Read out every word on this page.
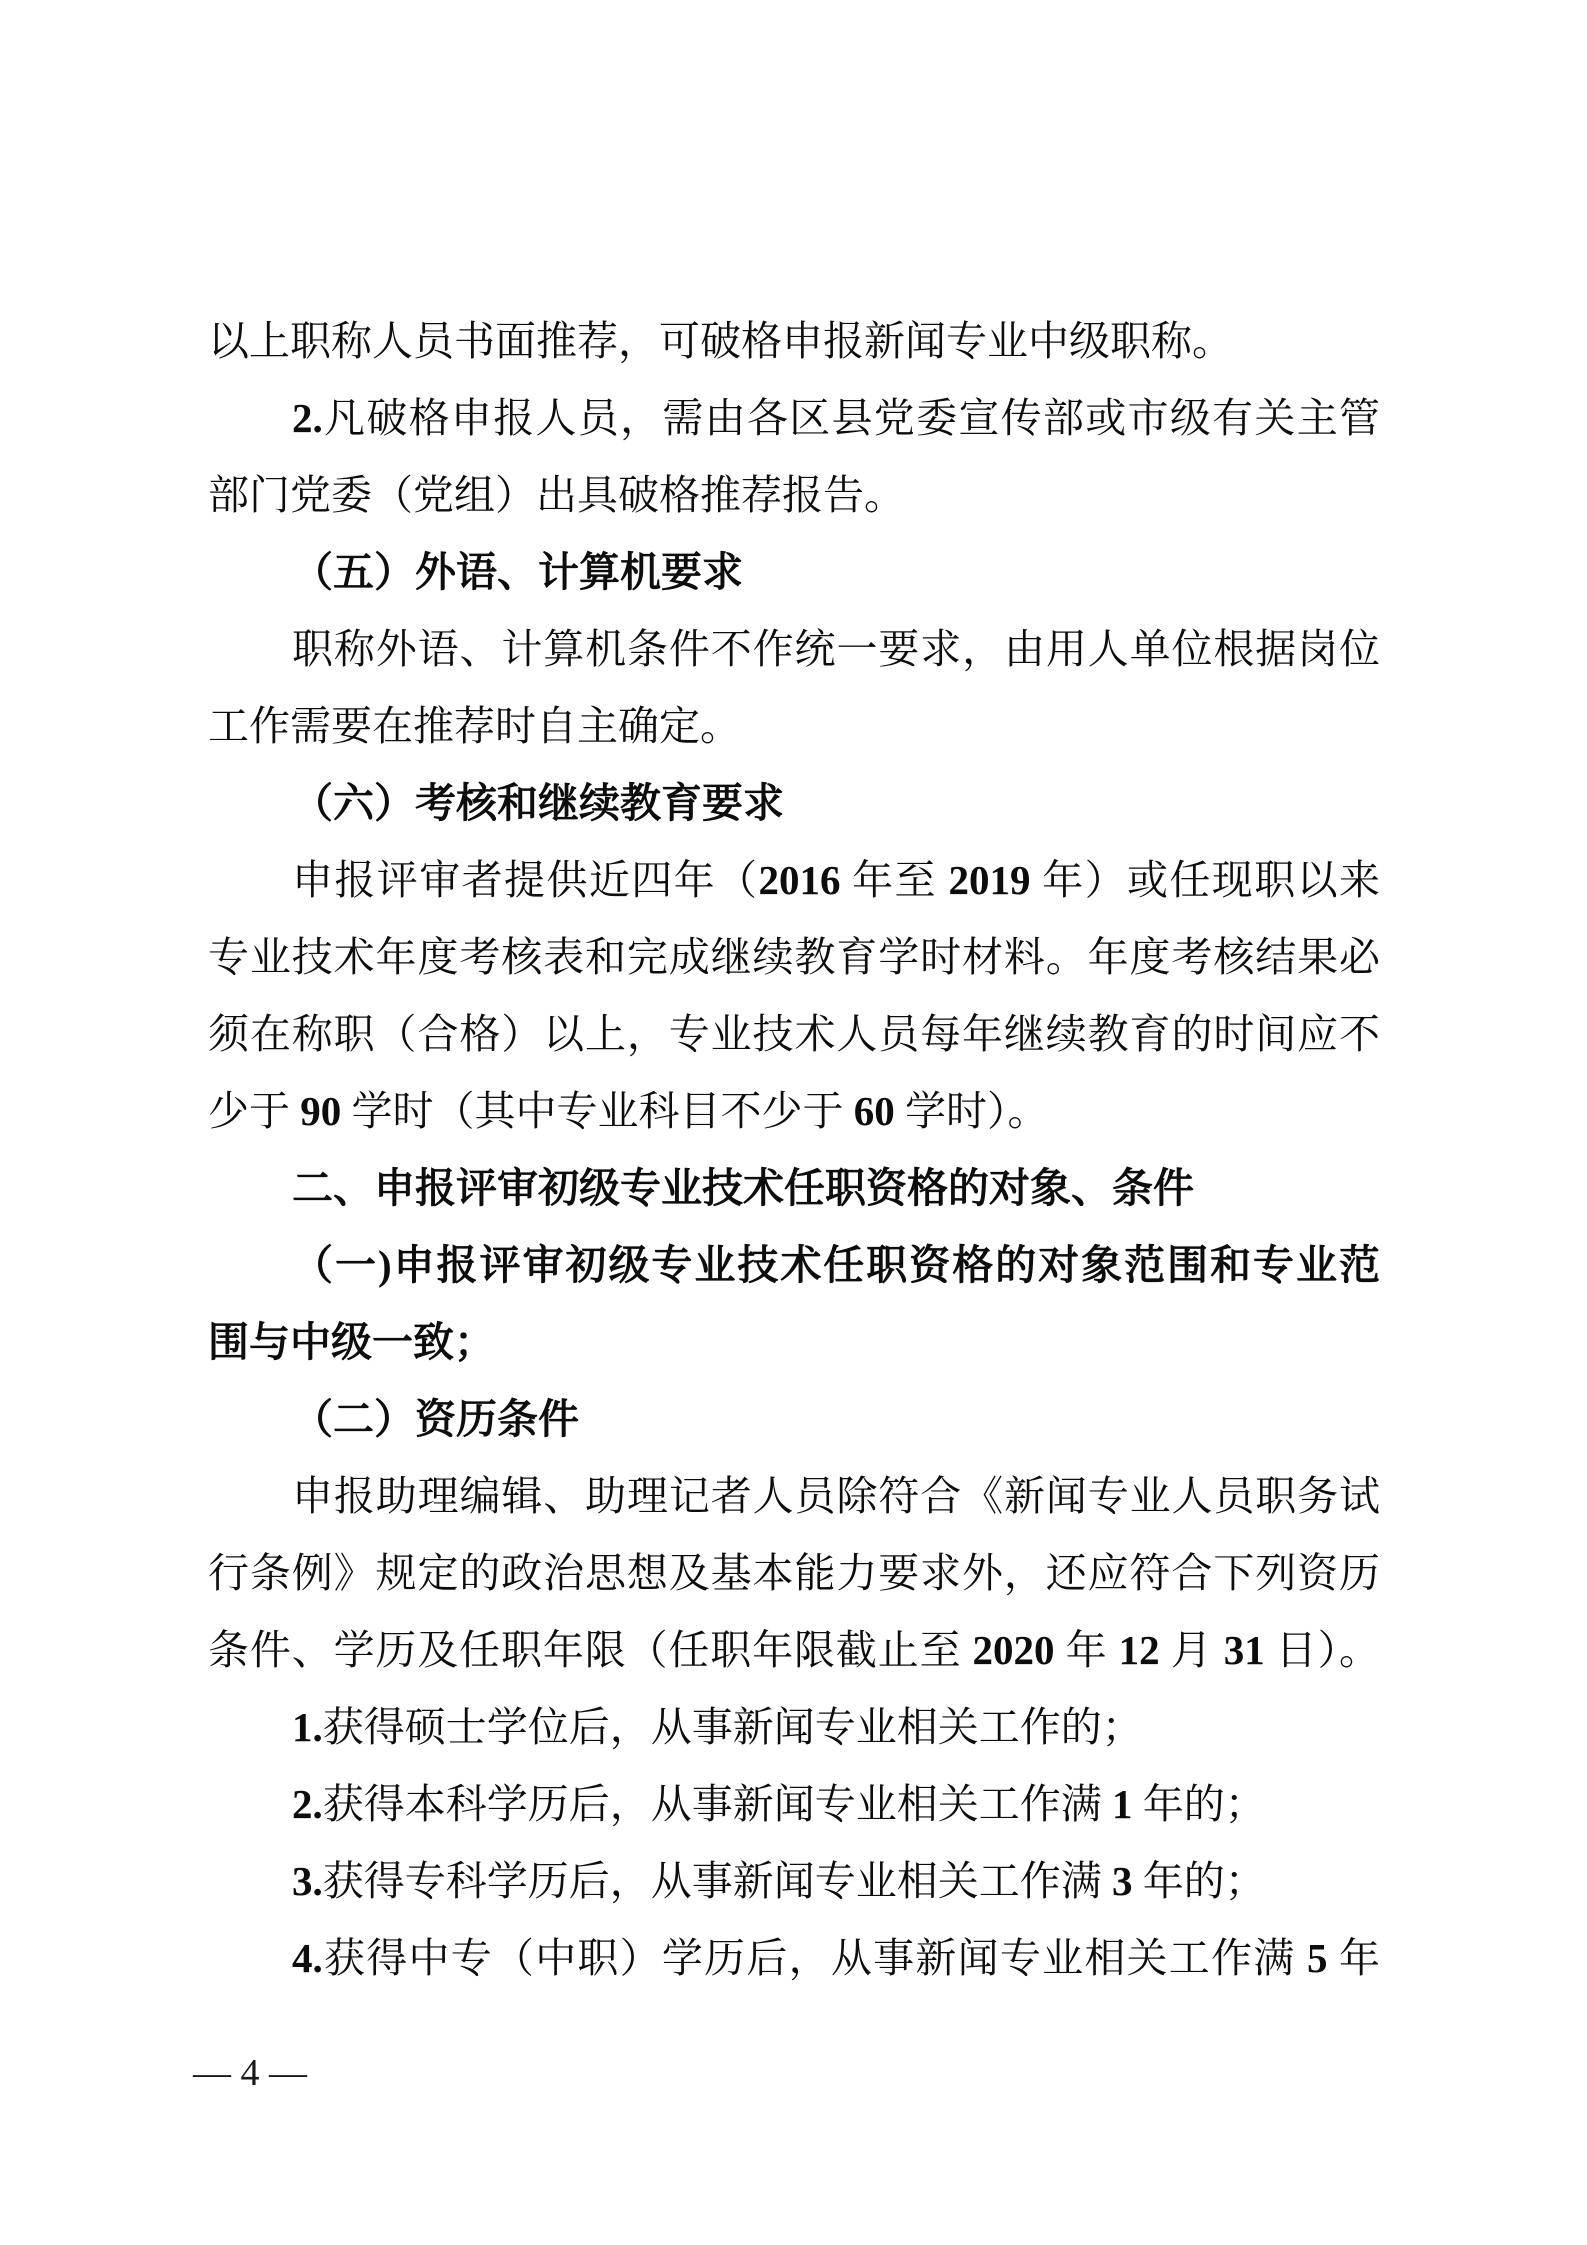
以上职称人员书面推荐，可破格申报新闻专业中级职称。
2.凡破格申报人员，需由各区县党委宣传部或市级有关主管
部门党委（党组）出具破格推荐报告。
（五）外语、计算机要求
职称外语、计算机条件不作统一要求，由用人单位根据岗位
工作需要在推荐时自主确定。
（六）考核和继续教育要求
申报评审者提供近四年（2016 年至 2019 年）或任现职以来
专业技术年度考核表和完成继续教育学时材料。年度考核结果必
须在称职（合格）以上，专业技术人员每年继续教育的时间应不
少于 90 学时（其中专业科目不少于 60 学时）。
二、申报评审初级专业技术任职资格的对象、条件
（一)申报评审初级专业技术任职资格的对象范围和专业范
围与中级一致；
（二）资历条件
申报助理编辑、助理记者人员除符合《新闻专业人员职务试
行条例》规定的政治思想及基本能力要求外，还应符合下列资历
条件、学历及任职年限（任职年限截止至 2020 年 12 月 31 日）。
1.获得硕士学位后，从事新闻专业相关工作的；
2.获得本科学历后，从事新闻专业相关工作满 1 年的；
3.获得专科学历后，从事新闻专业相关工作满 3 年的；
4.获得中专（中职）学历后，从事新闻专业相关工作满 5 年
— 4 —
